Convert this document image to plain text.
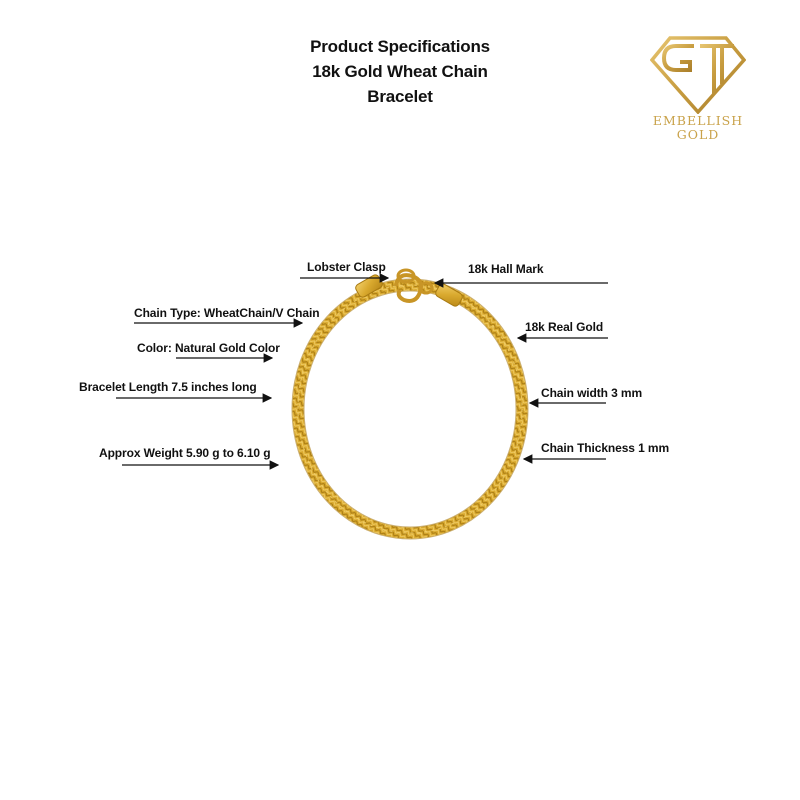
Product Specifications
18k Gold Wheat Chain
Bracelet
EMBELLISH
GOLD
Lobster Clasp	18k Hall Mark
Chain Type: WheatChain/V Chain
18k Real Gold
Color: Natural Gold Color
Bracelet Length 7.5 inches long	Chain width 3 mm
Approx Weight 5.90 g to 6.10 g	Chain Thickness 1 mm
